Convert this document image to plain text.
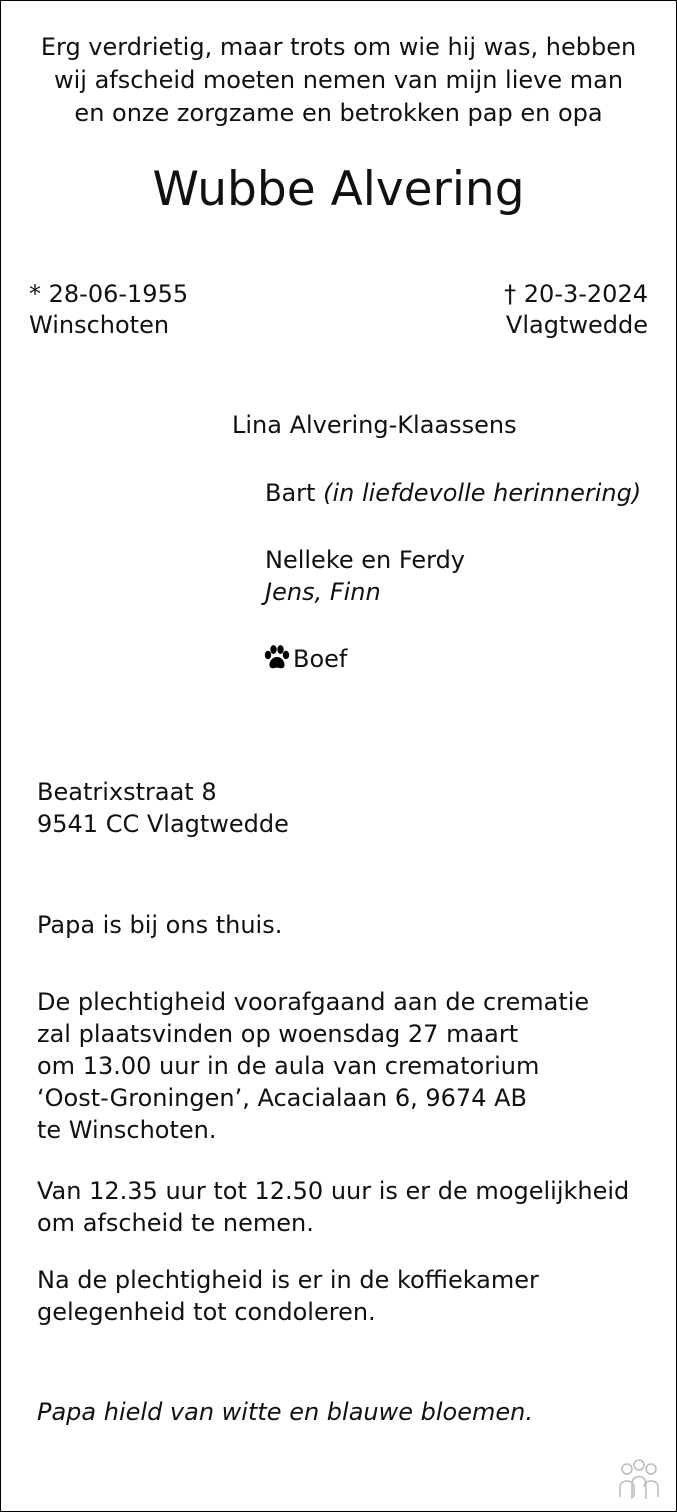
Erg verdrietig, maar trots om wie hij was, hebben
wij afscheid moeten nemen van mijn lieve man
en onze zorgzame en betrokken pap en opa
Wubbe Alvering
* 28-06-1955
Winschoten
† 20-3-2024
Vlagtwedde
Lina Alvering-Klaassens
Bart (in liefdevolle herinnering)
Nelleke en Ferdy
Jens, Finn
Boef
Beatrixstraat 8
9541 CC Vlagtwedde
Papa is bij ons thuis.
De plechtigheid voorafgaand aan de crematie
zal plaatsvinden op woensdag 27 maart
om 13.00 uur in de aula van crematorium
‘Oost-Groningen’, Acacialaan 6, 9674 AB
te Winschoten.
Van 12.35 uur tot 12.50 uur is er de mogelijkheid
om afscheid te nemen.
Na de plechtigheid is er in de koffiekamer
gelegenheid tot condoleren.
Papa hield van witte en blauwe bloemen.
